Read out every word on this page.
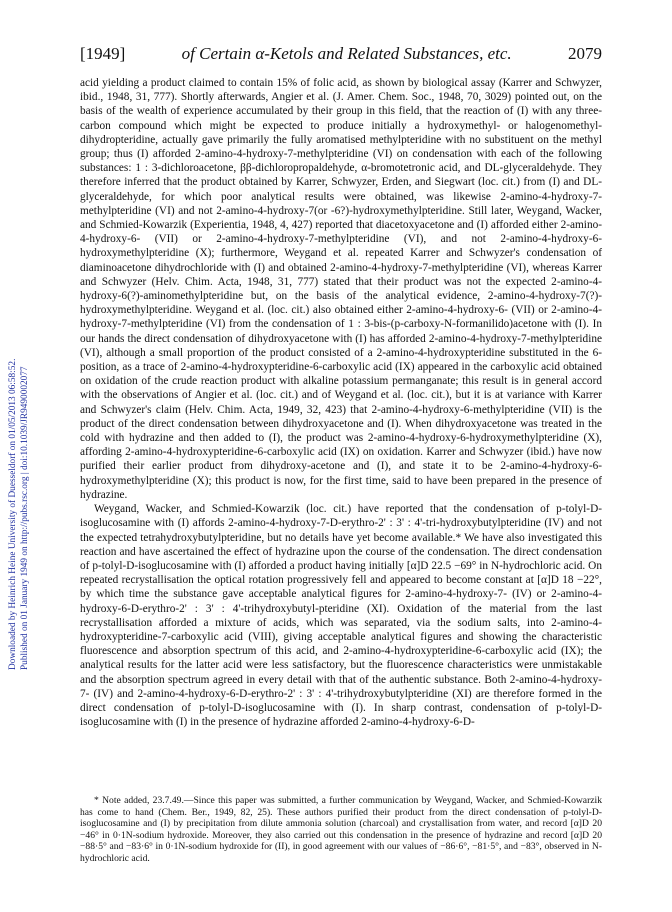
Downloaded by Heinrich Heine University of Duesseldorf on 01/05/2013 06:58:52. Published on 01 January 1949 on http://pubs.rsc.org | doi:10.1039/JR9490002077
[1949]	of Certain α-Ketols and Related Substances, etc.	2079

acid yielding a product claimed to contain 15% of folic acid, as shown by biological assay (Karrer and Schwyzer, ibid., 1948, 31, 777). Shortly afterwards, Angier et al. (J. Amer. Chem. Soc., 1948, 70, 3029) pointed out, on the basis of the wealth of experience accumulated by their group in this field, that the reaction of (I) with any three-carbon compound which might be expected to produce initially a hydroxymethyl- or halogenomethyl-dihydropteridine, actually gave primarily the fully aromatised methylpteridine with no substituent on the methyl group; thus (I) afforded 2-amino-4-hydroxy-7-methylpteridine (VI) on condensation with each of the following substances: 1 : 3-dichloroacetone, ββ-dichloropropaldehyde, α-bromotetronic acid, and DL-glyceraldehyde. They therefore inferred that the product obtained by Karrer, Schwyzer, Erden, and Siegwart (loc. cit.) from (I) and DL-glyceraldehyde, for which poor analytical results were obtained, was likewise 2-amino-4-hydroxy-7-methylpteridine (VI) and not 2-amino-4-hydroxy-7(or -6?)-hydroxymethylpteridine. Still later, Weygand, Wacker, and Schmied-Kowarzik (Experientia, 1948, 4, 427) reported that diacetoxyacetone and (I) afforded either 2-amino-4-hydroxy-6- (VII) or 2-amino-4-hydroxy-7-methylpteridine (VI), and not 2-amino-4-hydroxy-6-hydroxymethylpteridine (X); furthermore, Weygand et al. repeated Karrer and Schwyzer's condensation of diaminoacetone dihydrochloride with (I) and obtained 2-amino-4-hydroxy-7-methylpteridine (VI), whereas Karrer and Schwyzer (Helv. Chim. Acta, 1948, 31, 777) stated that their product was not the expected 2-amino-4-hydroxy-6(?)-aminomethylpteridine but, on the basis of the analytical evidence, 2-amino-4-hydroxy-7(?)-hydroxymethylpteridine. Weygand et al. (loc. cit.) also obtained either 2-amino-4-hydroxy-6- (VII) or 2-amino-4-hydroxy-7-methylpteridine (VI) from the condensation of 1 : 3-bis-(p-carboxy-N-formanilido)acetone with (I). In our hands the direct condensation of dihydroxyacetone with (I) has afforded 2-amino-4-hydroxy-7-methylpteridine (VI), although a small proportion of the product consisted of a 2-amino-4-hydroxypteridine substituted in the 6-position, as a trace of 2-amino-4-hydroxypteridine-6-carboxylic acid (IX) appeared in the carboxylic acid obtained on oxidation of the crude reaction product with alkaline potassium permanganate; this result is in general accord with the observations of Angier et al. (loc. cit.) and of Weygand et al. (loc. cit.), but it is at variance with Karrer and Schwyzer's claim (Helv. Chim. Acta, 1949, 32, 423) that 2-amino-4-hydroxy-6-methylpteridine (VII) is the product of the direct condensation between dihydroxyacetone and (I). When dihydroxyacetone was treated in the cold with hydrazine and then added to (I), the product was 2-amino-4-hydroxy-6-hydroxymethylpteridine (X), affording 2-amino-4-hydroxypteridine-6-carboxylic acid (IX) on oxidation. Karrer and Schwyzer (ibid.) have now purified their earlier product from dihydroxy-acetone and (I), and state it to be 2-amino-4-hydroxy-6-hydroxymethylpteridine (X); this product is now, for the first time, said to have been prepared in the presence of hydrazine.

Weygand, Wacker, and Schmied-Kowarzik (loc. cit.) have reported that the condensation of p-tolyl-D-isoglucosamine with (I) affords 2-amino-4-hydroxy-7-D-erythro-2' : 3' : 4'-tri-hydroxybutylpteridine (IV) and not the expected tetrahydroxybutylpteridine, but no details have yet become available.* We have also investigated this reaction and have ascertained the effect of hydrazine upon the course of the condensation. The direct condensation of p-tolyl-D-isoglucosamine with (I) afforded a product having initially [α]D 22.5 −69° in N-hydrochloric acid. On repeated recrystallisation the optical rotation progressively fell and appeared to become constant at [α]D 18 −22°, by which time the substance gave acceptable analytical figures for 2-amino-4-hydroxy-7- (IV) or 2-amino-4-hydroxy-6-D-erythro-2' : 3' : 4'-trihydroxybutyl-pteridine (XI). Oxidation of the material from the last recrystallisation afforded a mixture of acids, which was separated, via the sodium salts, into 2-amino-4-hydroxypteridine-7-carboxylic acid (VIII), giving acceptable analytical figures and showing the characteristic fluorescence and absorption spectrum of this acid, and 2-amino-4-hydroxypteridine-6-carboxylic acid (IX); the analytical results for the latter acid were less satisfactory, but the fluorescence characteristics were unmistakable and the absorption spectrum agreed in every detail with that of the authentic substance. Both 2-amino-4-hydroxy-7- (IV) and 2-amino-4-hydroxy-6-D-erythro-2' : 3' : 4'-trihydroxybutylpteridine (XI) are therefore formed in the direct condensation of p-tolyl-D-isoglucosamine with (I). In sharp contrast, condensation of p-tolyl-D-isoglucosamine with (I) in the presence of hydrazine afforded 2-amino-4-hydroxy-6-D-

* Note added, 23.7.49.—Since this paper was submitted, a further communication by Weygand, Wacker, and Schmied-Kowarzik has come to hand (Chem. Ber., 1949, 82, 25). These authors purified their product from the direct condensation of p-tolyl-D-isoglucosamine and (I) by precipitation from dilute ammonia solution (charcoal) and crystallisation from water, and record [α]D 20 −46° in 0·1N-sodium hydroxide. Moreover, they also carried out this condensation in the presence of hydrazine and record [α]D 20 −88·5° and −83·6° in 0·1N-sodium hydroxide for (II), in good agreement with our values of −86·6°, −81·5°, and −83°, observed in N-hydrochloric acid.
